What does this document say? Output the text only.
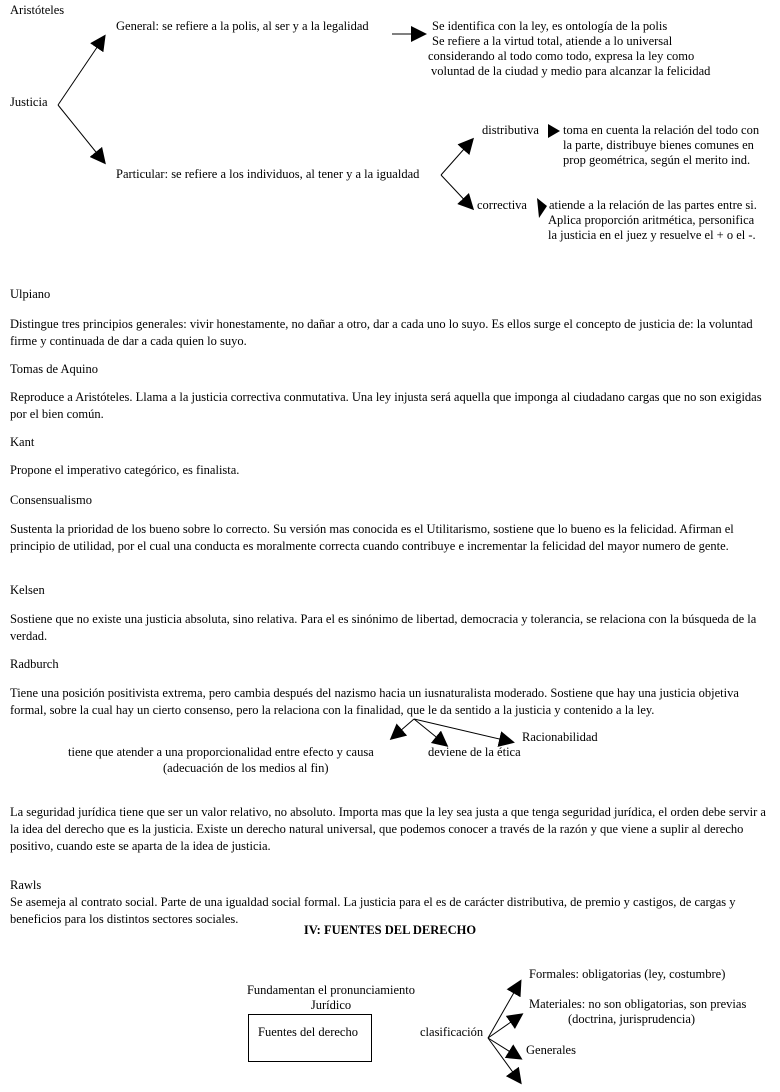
Aristóteles
General: se refiere a la polis, al ser y a la legalidad	Se identifica con la ley, es ontología de la polis
Se refiere a la virtud total, atiende a lo universal
considerando al todo como todo, expresa la ley como
voluntad de la ciudad y medio para alcanzar la felicidad
Justicia
Particular: se refiere a los individuos, al tener y a la igualdad
distributiva toma en cuenta la relación del todo con
la parte, distribuye bienes comunes en
prop geométrica, según el merito ind.
correctiva atiende a la relación de las partes entre si.
Aplica proporción aritmética, personifica
la justicia en el juez y resuelve el + o el -.
Ulpiano
Distingue tres principios generales: vivir honestamente, no dañar a otro, dar a cada uno lo suyo. Es ellos surge el concepto de justicia de: la voluntad firme y continuada de dar a cada quien lo suyo.
Tomas de Aquino
Reproduce a Aristóteles. Llama a la justicia correctiva conmutativa. Una ley injusta será aquella que imponga al ciudadano cargas que no son exigidas por el bien común.
Kant
Propone el imperativo categórico, es finalista.
Consensualismo
Sustenta la prioridad de los bueno sobre lo correcto. Su versión mas conocida es el Utilitarismo, sostiene que lo bueno es la felicidad. Afirman el principio de utilidad, por el cual una conducta es moralmente correcta cuando contribuye e incrementar la felicidad del mayor numero de gente.
Kelsen
Sostiene que no existe una justicia absoluta, sino relativa. Para el es sinónimo de libertad, democracia y tolerancia, se relaciona con la búsqueda de la verdad.
Radburch
Tiene una posición positivista extrema, pero cambia después del nazismo hacia un iusnaturalista moderado. Sostiene que hay una justicia objetiva formal, sobre la cual hay un cierto consenso, pero la relaciona con la finalidad, que le da sentido a la justicia y contenido a la ley.
tiene que atender a una proporcionalidad entre efecto y causa
(adecuación de los medios al fin)
deviene de la ética
Racionabilidad
La seguridad jurídica tiene que ser un valor relativo, no absoluto. Importa mas que la ley sea justa a que tenga seguridad jurídica, el orden debe servir a la idea del derecho que es la justicia. Existe un derecho natural universal, que podemos conocer a través de la razón y que viene a suplir al derecho positivo, cuando este se aparta de la idea de justicia.
Rawls
Se asemeja al contrato social. Parte de una igualdad social formal. La justicia para el es de carácter distributiva, de premio y castigos, de cargas y beneficios para los distintos sectores sociales.
IV: FUENTES DEL DERECHO
Fundamentan el pronunciamiento
Jurídico
Fuentes del derecho	clasificación
Formales: obligatorias (ley, costumbre)
Materiales: no son obligatorias, son previas
(doctrina, jurisprudencia)
Generales
